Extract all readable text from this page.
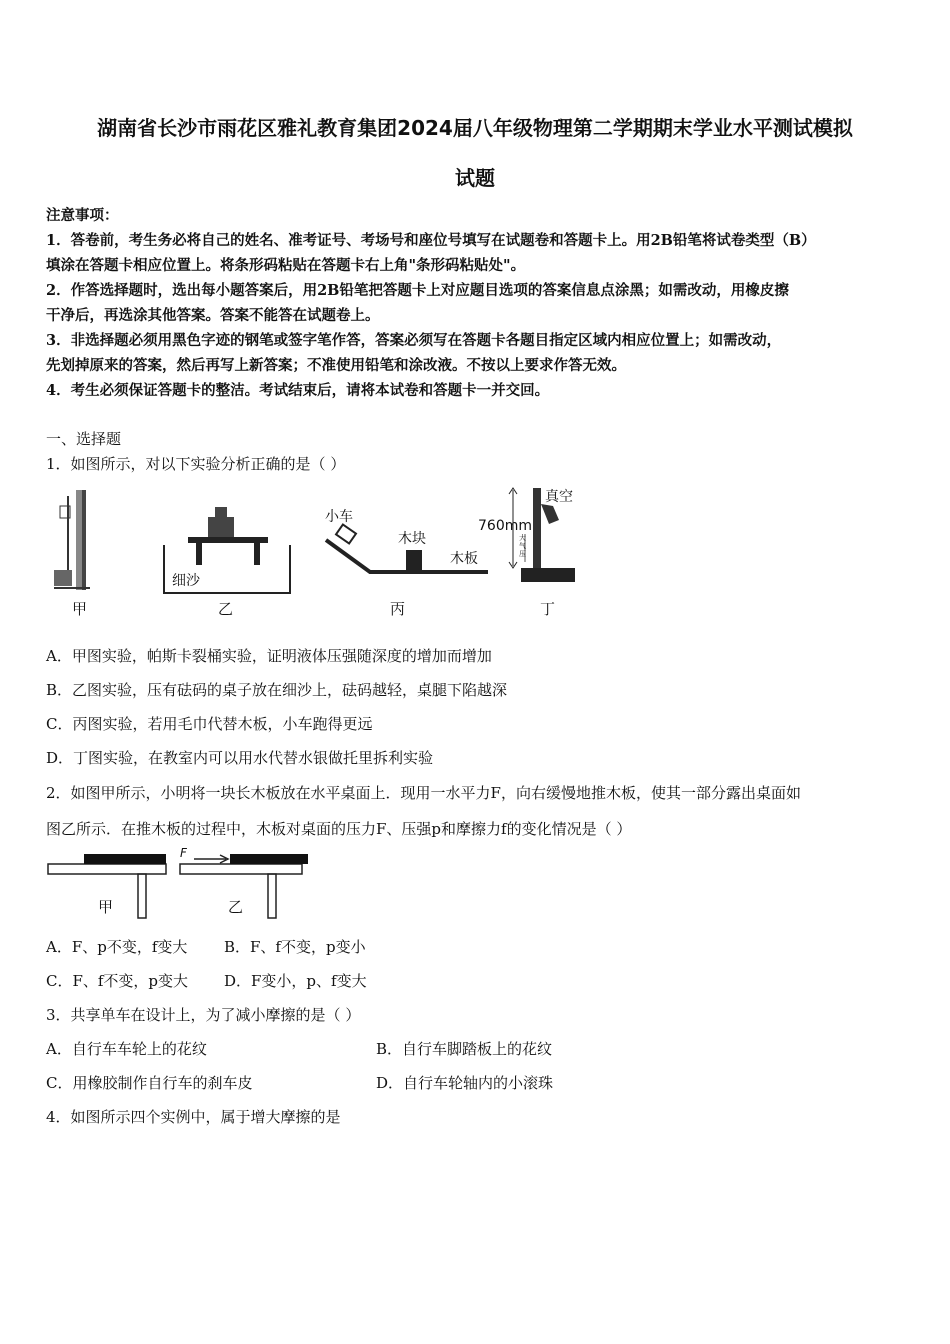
湖南省长沙市雨花区雅礼教育集团2024届八年级物理第二学期期末学业水平测试模拟
试题
注意事项：
1．答卷前，考生务必将自己的姓名、准考证号、考场号和座位号填写在试题卷和答题卡上。用2B铅笔将试卷类型（B）
填涂在答题卡相应位置上。将条形码粘贴在答题卡右上角"条形码粘贴处"。
2．作答选择题时，选出每小题答案后，用2B铅笔把答题卡上对应题目选项的答案信息点涂黑；如需改动，用橡皮擦
干净后，再选涂其他答案。答案不能答在试题卷上。
3．非选择题必须用黑色字迹的钢笔或签字笔作答，答案必须写在答题卡各题目指定区域内相应位置上；如需改动，
先划掉原来的答案，然后再写上新答案；不准使用铅笔和涂改液。不按以上要求作答无效。
4．考生必须保证答题卡的整洁。考试结束后，请将本试卷和答题卡一并交回。
一、选择题
1．如图所示，对以下实验分析正确的是（ ）
甲
细沙
乙
小车
木块
木板
丙
真空
760mm
大气压
丁
A．甲图实验，帕斯卡裂桶实验，证明液体压强随深度的增加而增加
B．乙图实验，压有砝码的桌子放在细沙上，砝码越轻，桌腿下陷越深
C．丙图实验，若用毛巾代替木板，小车跑得更远
D．丁图实验，在教室内可以用水代替水银做托里拆利实验
2．如图甲所示，小明将一块长木板放在水平桌面上．现用一水平力F，向右缓慢地推木板，使其一部分露出桌面如
图乙所示．在推木板的过程中，木板对桌面的压力F、压强p和摩擦力f的变化情况是（ ）
F
甲	乙
A．F、p不变，f变大 B．F、f不变，p变小
C．F、f不变，p变大 D．F变小，p、f变大
3．共享单车在设计上，为了减小摩擦的是（ ）
A．自行车车轮上的花纹	B．自行车脚踏板上的花纹
C．用橡胶制作自行车的刹车皮	D．自行车轮轴内的小滚珠
4．如图所示四个实例中，属于增大摩擦的是
